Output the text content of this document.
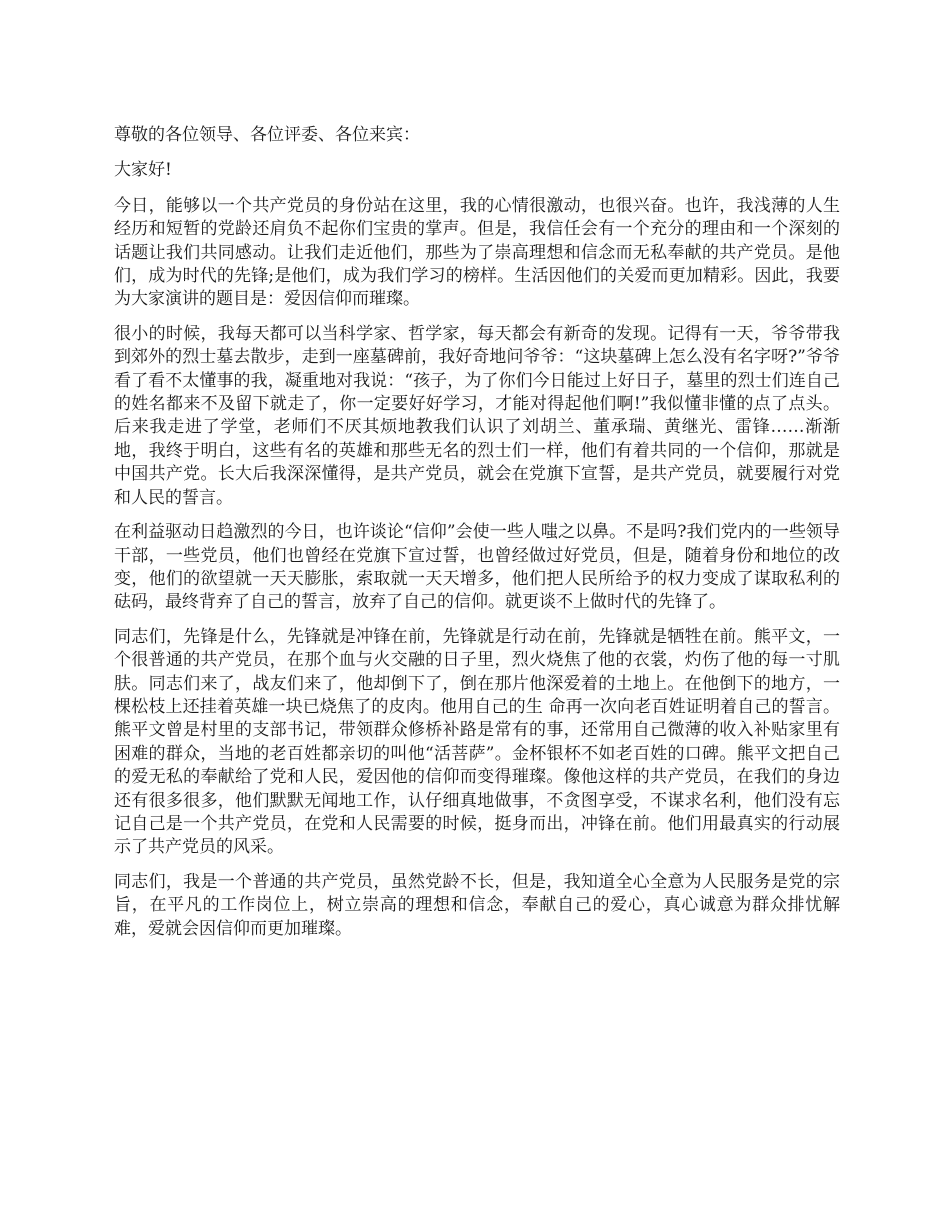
尊敬的各位领导、各位评委、各位来宾：

大家好!

今日，能够以一个共产党员的身份站在这里，我的心情很激动，也很兴奋。也许，我浅薄的人生经历和短暂的党龄还肩负不起你们宝贵的掌声。但是，我信任会有一个充分的理由和一个深刻的话题让我们共同感动。让我们走近他们，那些为了崇高理想和信念而无私奉献的共产党员。是他们，成为时代的先锋;是他们，成为我们学习的榜样。生活因他们的关爱而更加精彩。因此，我要为大家演讲的题目是：爱因信仰而璀璨。

很小的时候，我每天都可以当科学家、哲学家，每天都会有新奇的发现。记得有一天，爷爷带我到郊外的烈士墓去散步，走到一座墓碑前，我好奇地问爷爷：“这块墓碑上怎么没有名字呀?”爷爷看了看不太懂事的我，凝重地对我说：“孩子，为了你们今日能过上好日子，墓里的烈士们连自己的姓名都来不及留下就走了，你一定要好好学习，才能对得起他们啊!”我似懂非懂的点了点头。后来我走进了学堂，老师们不厌其烦地教我们认识了刘胡兰、董承瑞、黄继光、雷锋……渐渐地，我终于明白，这些有名的英雄和那些无名的烈士们一样，他们有着共同的一个信仰，那就是中国共产党。长大后我深深懂得，是共产党员，就会在党旗下宣誓，是共产党员，就要履行对党和人民的誓言。

在利益驱动日趋激烈的今日，也许谈论“信仰”会使一些人嗤之以鼻。不是吗?我们党内的一些领导干部，一些党员，他们也曾经在党旗下宣过誓，也曾经做过好党员，但是，随着身份和地位的改变，他们的欲望就一天天膨胀，索取就一天天增多，他们把人民所给予的权力变成了谋取私利的砝码，最终背弃了自己的誓言，放弃了自己的信仰。就更谈不上做时代的先锋了。

同志们，先锋是什么，先锋就是冲锋在前，先锋就是行动在前，先锋就是牺牲在前。熊平文，一个很普通的共产党员，在那个血与火交融的日子里，烈火烧焦了他的衣裳，灼伤了他的每一寸肌肤。同志们来了，战友们来了，他却倒下了，倒在那片他深爱着的土地上。在他倒下的地方，一棵松枝上还挂着英雄一块已烧焦了的皮肉。他用自己的生 命再一次向老百姓证明着自己的誓言。熊平文曾是村里的支部书记，带领群众修桥补路是常有的事，还常用自己微薄的收入补贴家里有困难的群众，当地的老百姓都亲切的叫他“活菩萨”。金杯银杯不如老百姓的口碑。熊平文把自己的爱无私的奉献给了党和人民，爱因他的信仰而变得璀璨。像他这样的共产党员，在我们的身边还有很多很多，他们默默无闻地工作，认仔细真地做事，不贪图享受，不谋求名利，他们没有忘记自己是一个共产党员，在党和人民需要的时候，挺身而出，冲锋在前。他们用最真实的行动展示了共产党员的风采。

同志们，我是一个普通的共产党员，虽然党龄不长，但是，我知道全心全意为人民服务是党的宗旨，在平凡的工作岗位上，树立崇高的理想和信念，奉献自己的爱心，真心诚意为群众排忧解难，爱就会因信仰而更加璀璨。
